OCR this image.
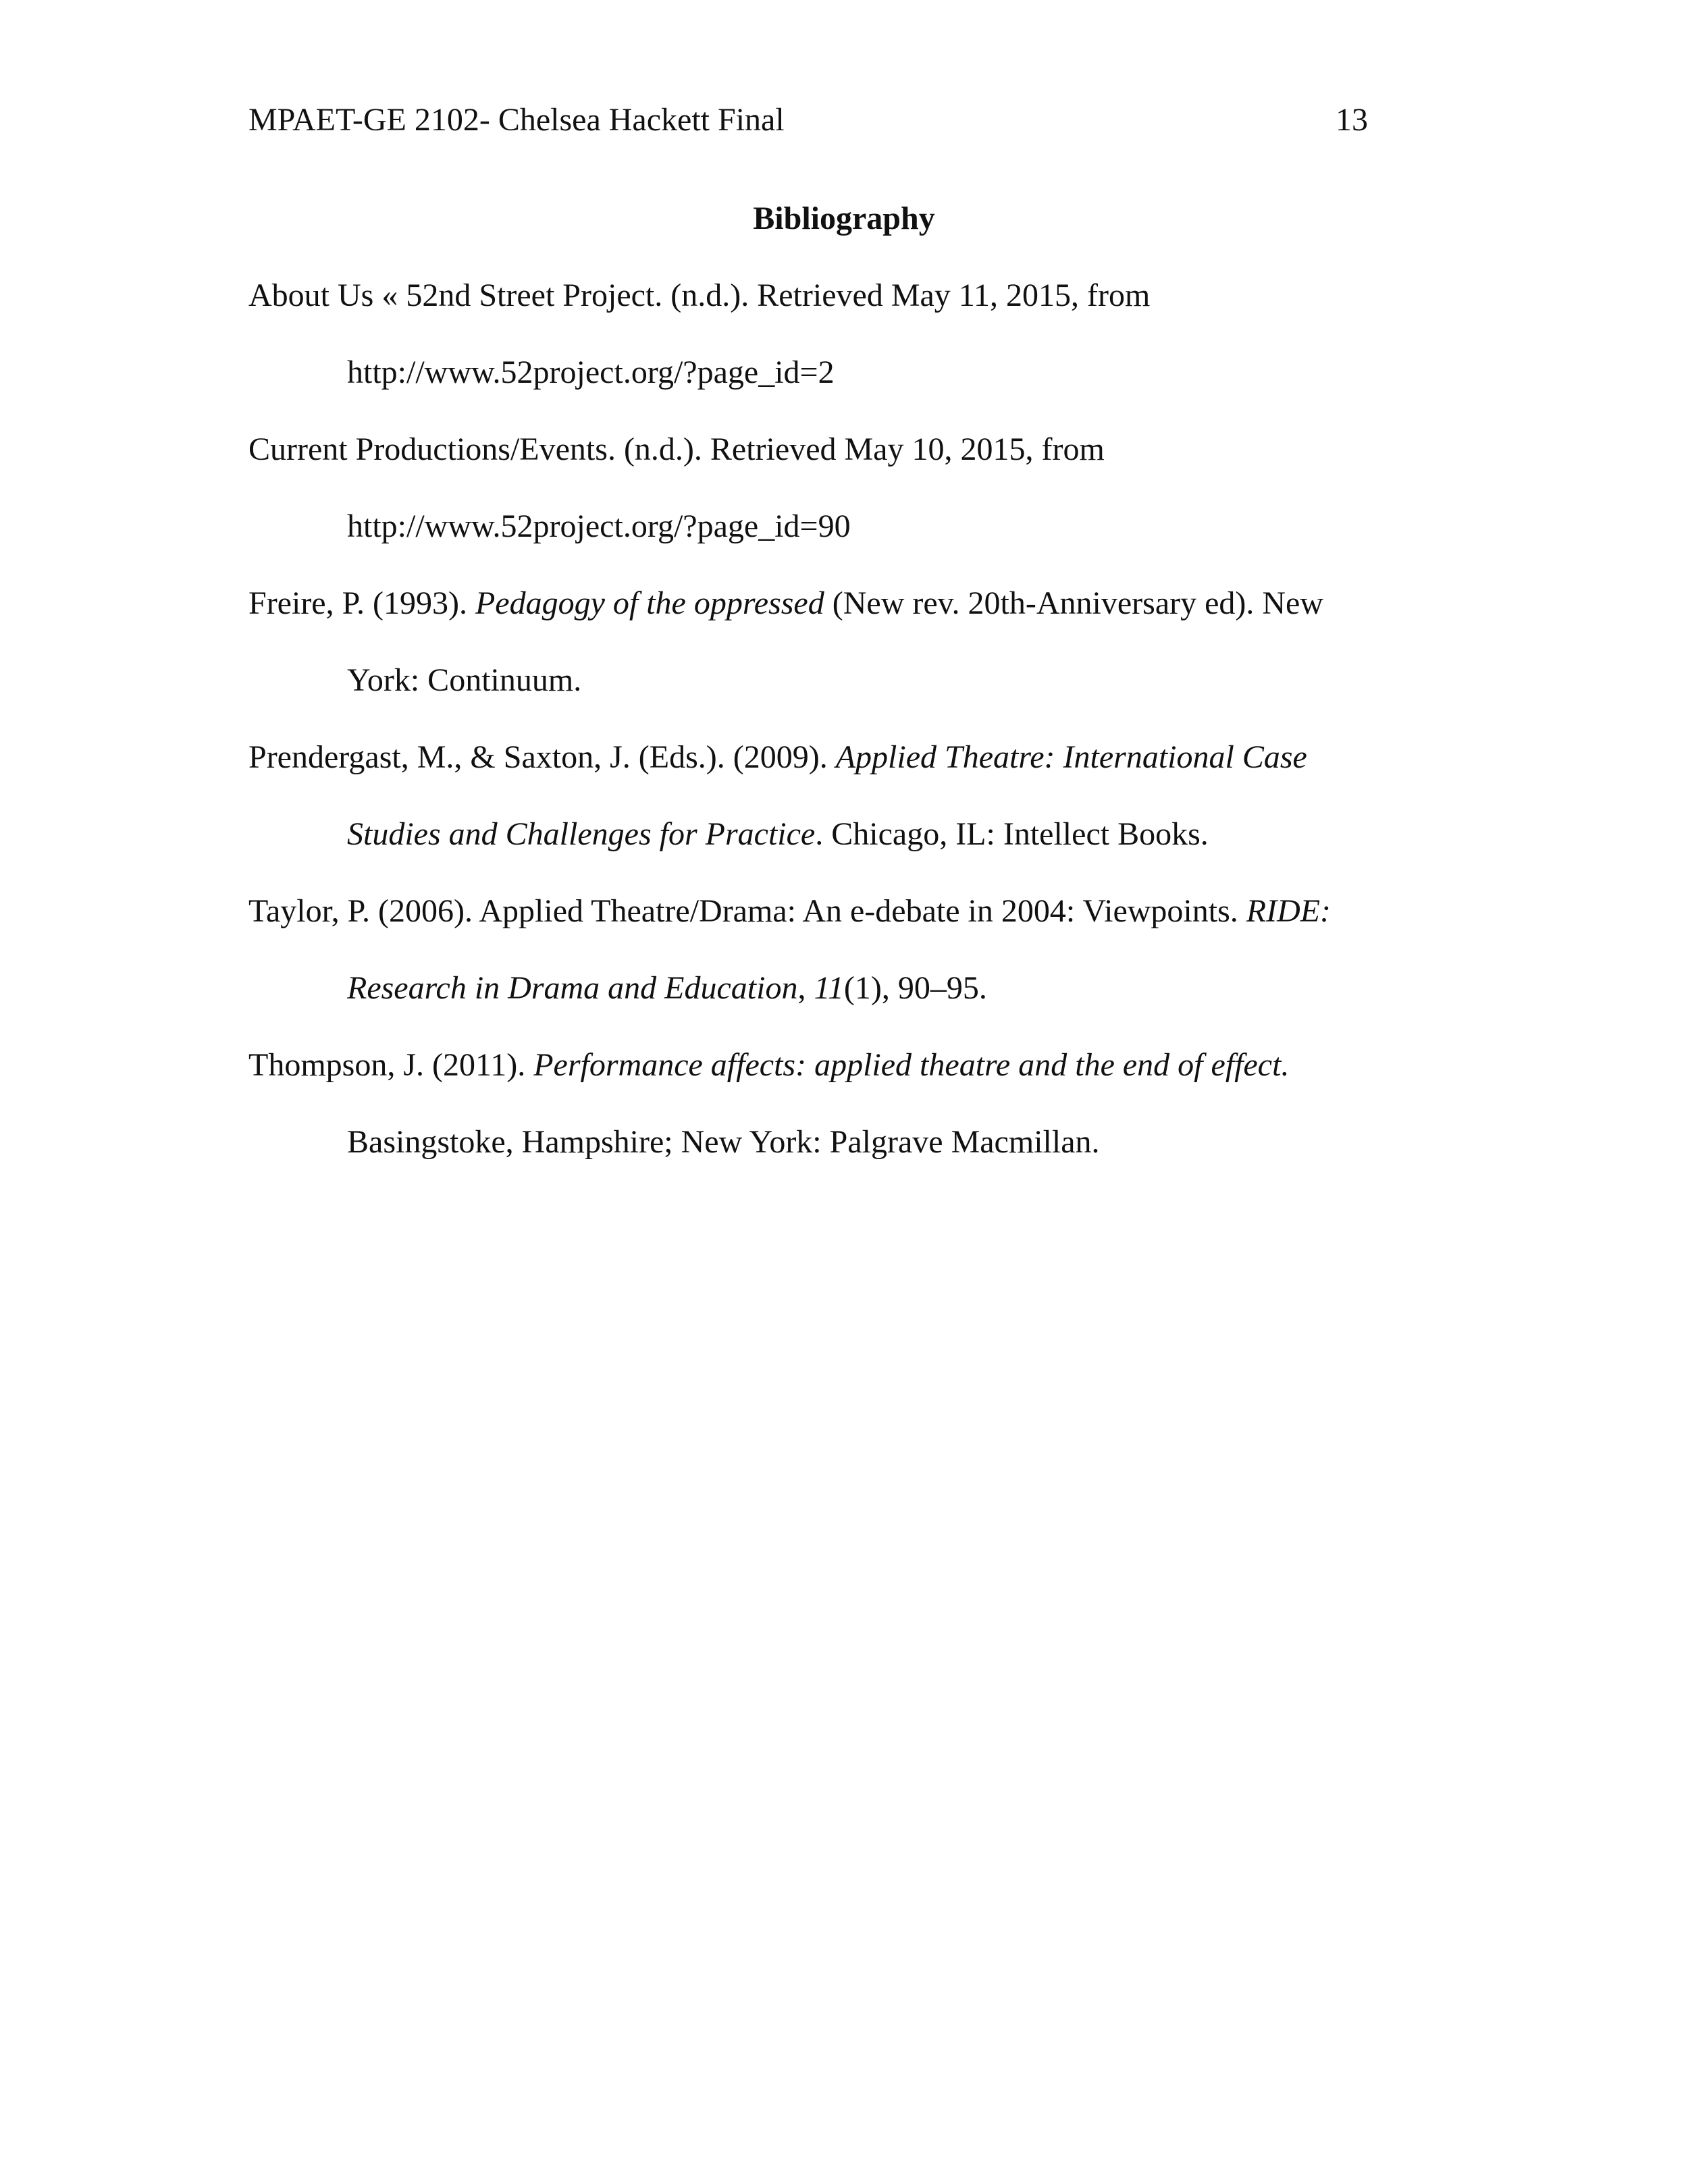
MPAET-GE 2102- Chelsea Hackett Final	13
Bibliography
About Us « 52nd Street Project. (n.d.). Retrieved May 11, 2015, from
http://www.52project.org/?page_id=2
Current Productions/Events. (n.d.). Retrieved May 10, 2015, from
http://www.52project.org/?page_id=90
Freire, P. (1993). Pedagogy of the oppressed (New rev. 20th-Anniversary ed). New
York: Continuum.
Prendergast, M., & Saxton, J. (Eds.). (2009). Applied Theatre: International Case
Studies and Challenges for Practice. Chicago, IL: Intellect Books.
Taylor, P. (2006). Applied Theatre/Drama: An e-debate in 2004: Viewpoints. RIDE:
Research in Drama and Education, 11(1), 90–95.
Thompson, J. (2011). Performance affects: applied theatre and the end of effect.
Basingstoke, Hampshire; New York: Palgrave Macmillan.
